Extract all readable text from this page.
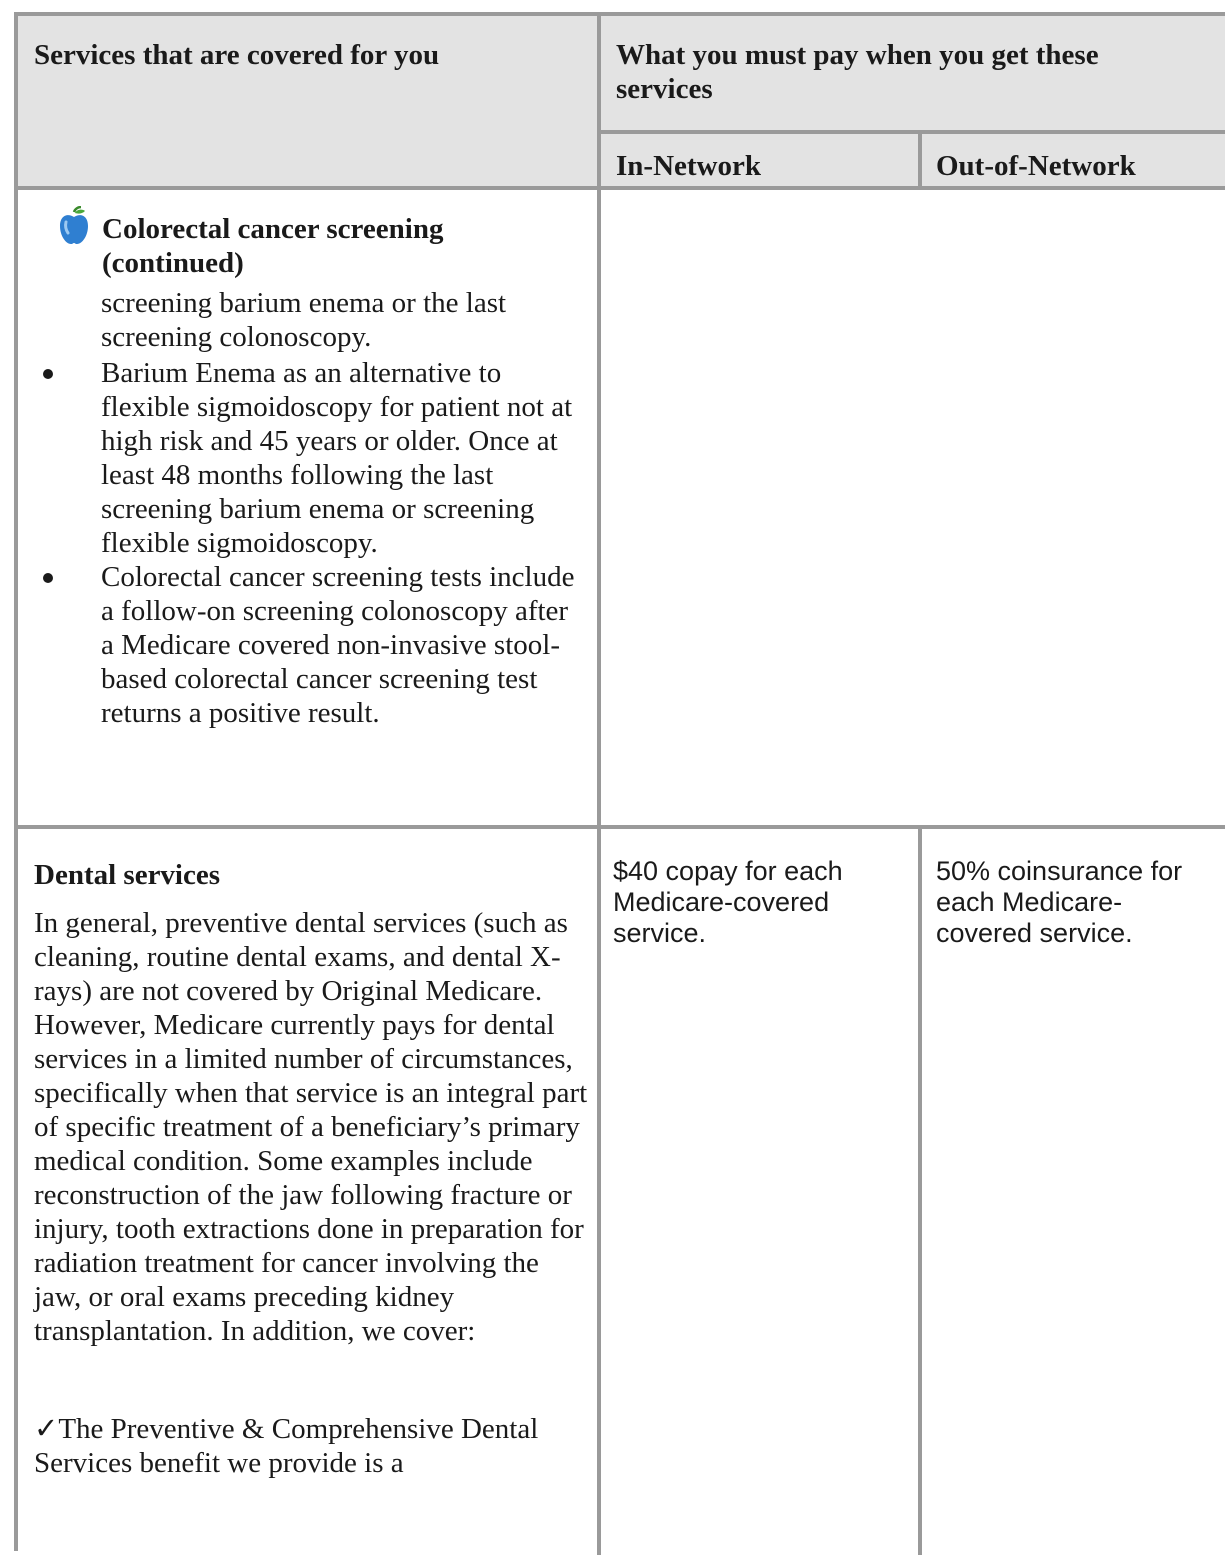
Services that are covered for you	What you must pay when you get these services
In-Network	Out-of-Network
Colorectal cancer screening (continued)
screening barium enema or the last screening colonoscopy.
Barium Enema as an alternative to flexible sigmoidoscopy for patient not at high risk and 45 years or older. Once at least 48 months following the last screening barium enema or screening flexible sigmoidoscopy.
Colorectal cancer screening tests include a follow-on screening colonoscopy after a Medicare covered non-invasive stool-based colorectal cancer screening test returns a positive result.
Dental services

In general, preventive dental services (such as cleaning, routine dental exams, and dental X-rays) are not covered by Original Medicare. However, Medicare currently pays for dental services in a limited number of circumstances, specifically when that service is an integral part of specific treatment of a beneficiary’s primary medical condition. Some examples include reconstruction of the jaw following fracture or injury, tooth extractions done in preparation for radiation treatment for cancer involving the jaw, or oral exams preceding kidney transplantation. In addition, we cover:

✓The Preventive & Comprehensive Dental Services benefit we provide is a

$40 copay for each Medicare-covered service.
50% coinsurance for each Medicare-covered service.
